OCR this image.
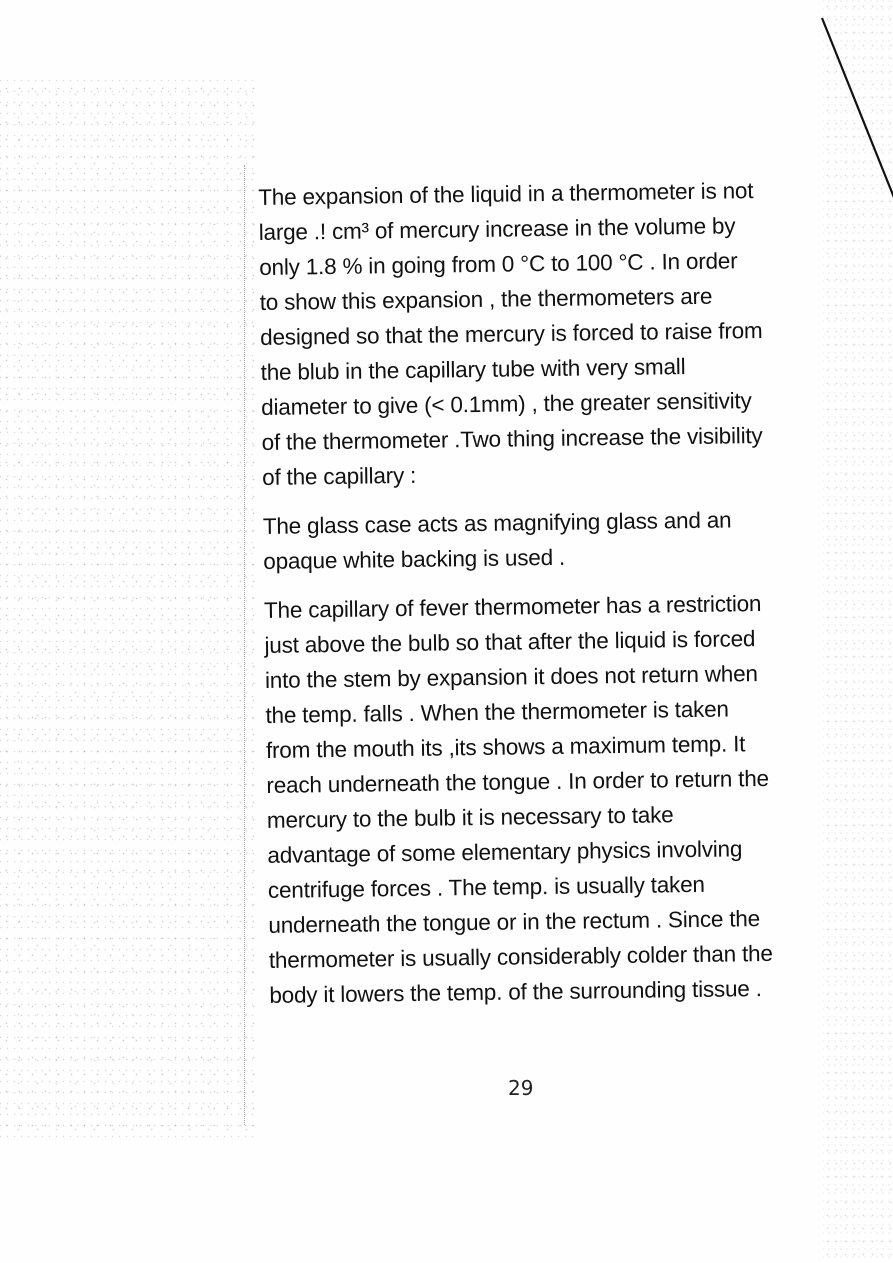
The expansion of the liquid in a thermometer is not
large .! cm³ of mercury increase in the volume by
only 1.8 % in going from 0 °C to 100 °C . In order
to show this expansion , the thermometers are
designed so that the mercury is forced to raise from
the blub in the capillary tube with very small
diameter to give (< 0.1mm) , the greater sensitivity
of the thermometer .Two thing increase the visibility
of the capillary :

The glass case acts as magnifying glass and an
opaque white backing is used .

The capillary of fever thermometer has a restriction
just above the bulb so that after the liquid is forced
into the stem by expansion it does not return when
the temp. falls . When the thermometer is taken
from the mouth its ,its shows a maximum temp. It
reach underneath the tongue . In order to return the
mercury to the bulb it is necessary to take
advantage of some elementary physics involving
centrifuge forces . The temp. is usually taken
underneath the tongue or in the rectum . Since the
thermometer is usually considerably colder than the
body it lowers the temp. of the surrounding tissue .

29
